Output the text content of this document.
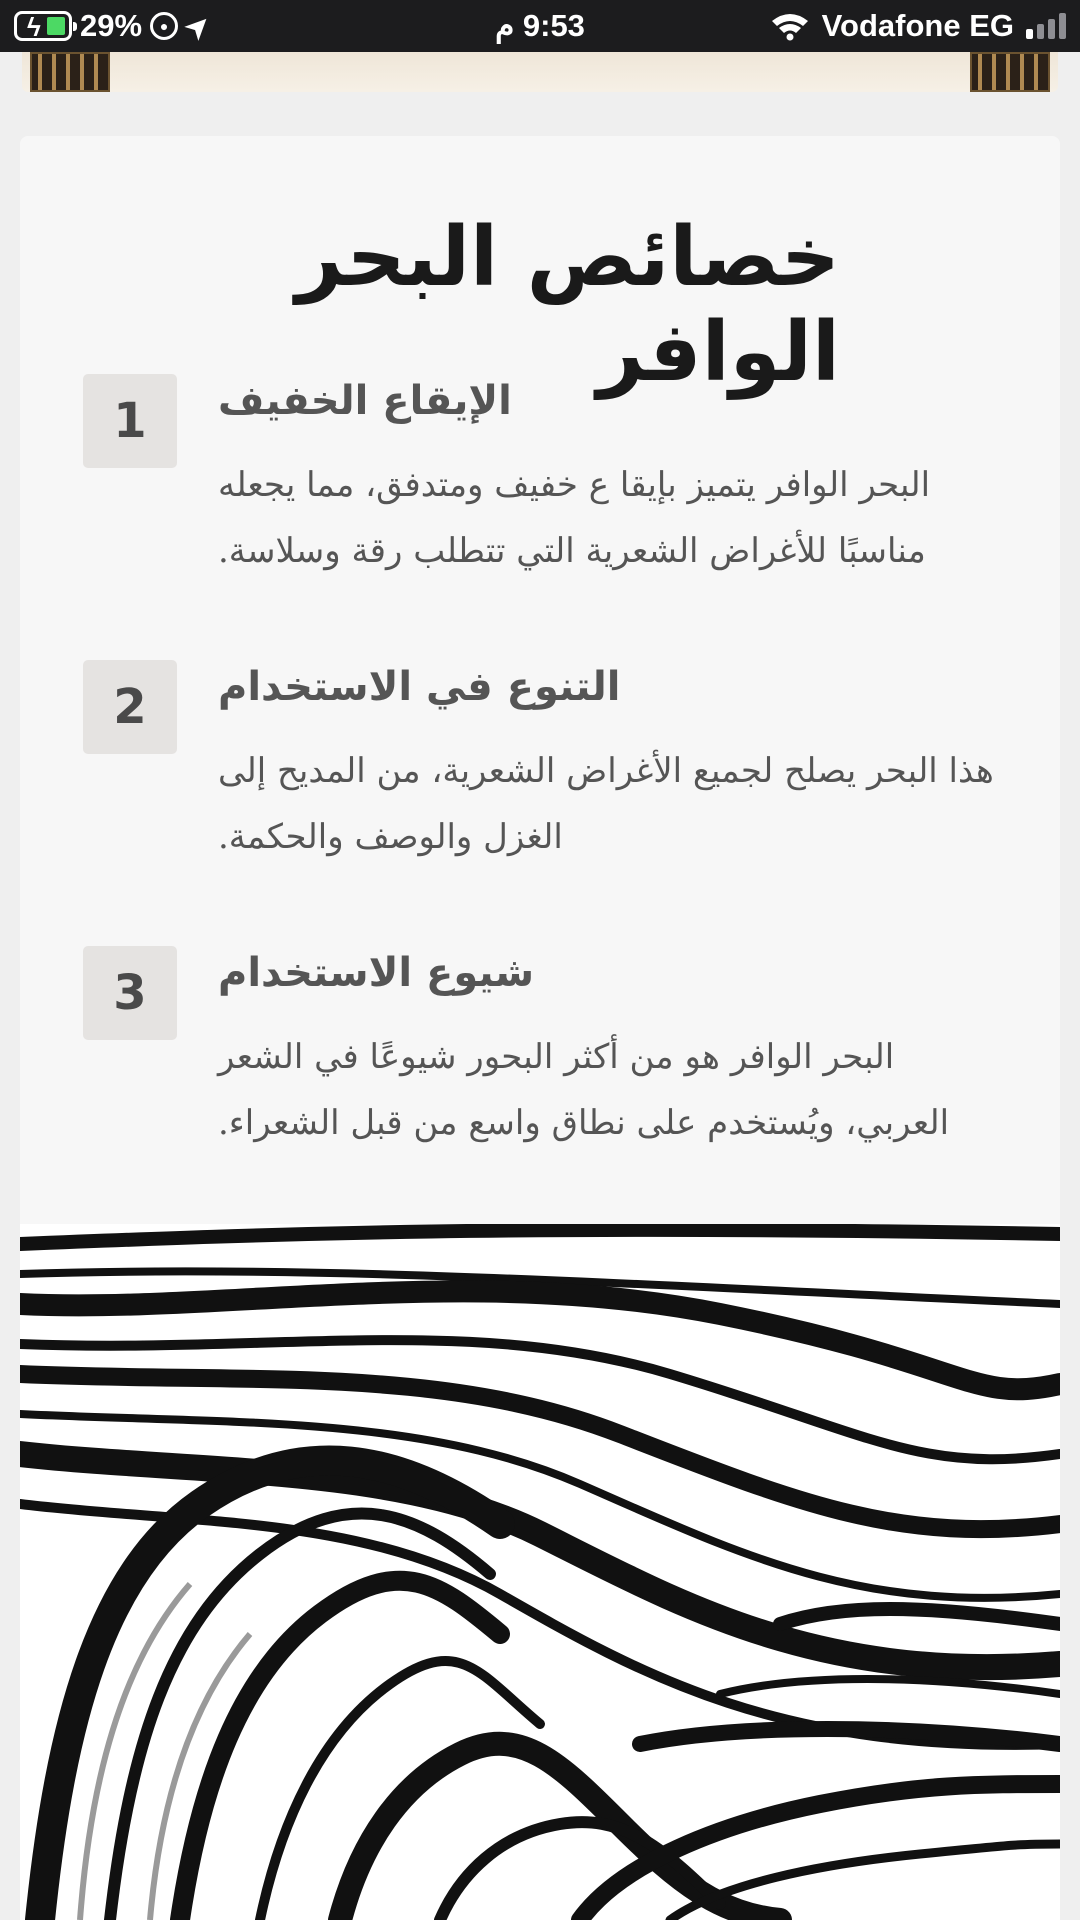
ϟ 29%	● ➤	9:53 م	Vodafone EG
خصائص البحر الوافر
1	الإيقاع الخفيف
البحر الوافر يتميز بإيقا ع خفيف ومتدفق، مما يجعله مناسبًا للأغراض الشعرية التي تتطلب رقة وسلاسة.
2	التنوع في الاستخدام
هذا البحر يصلح لجميع الأغراض الشعرية، من المديح إلى الغزل والوصف والحكمة.
3	شيوع الاستخدام
البحر الوافر هو من أكثر البحور شيوعًا في الشعر العربي، ويُستخدم على نطاق واسع من قبل الشعراء.
